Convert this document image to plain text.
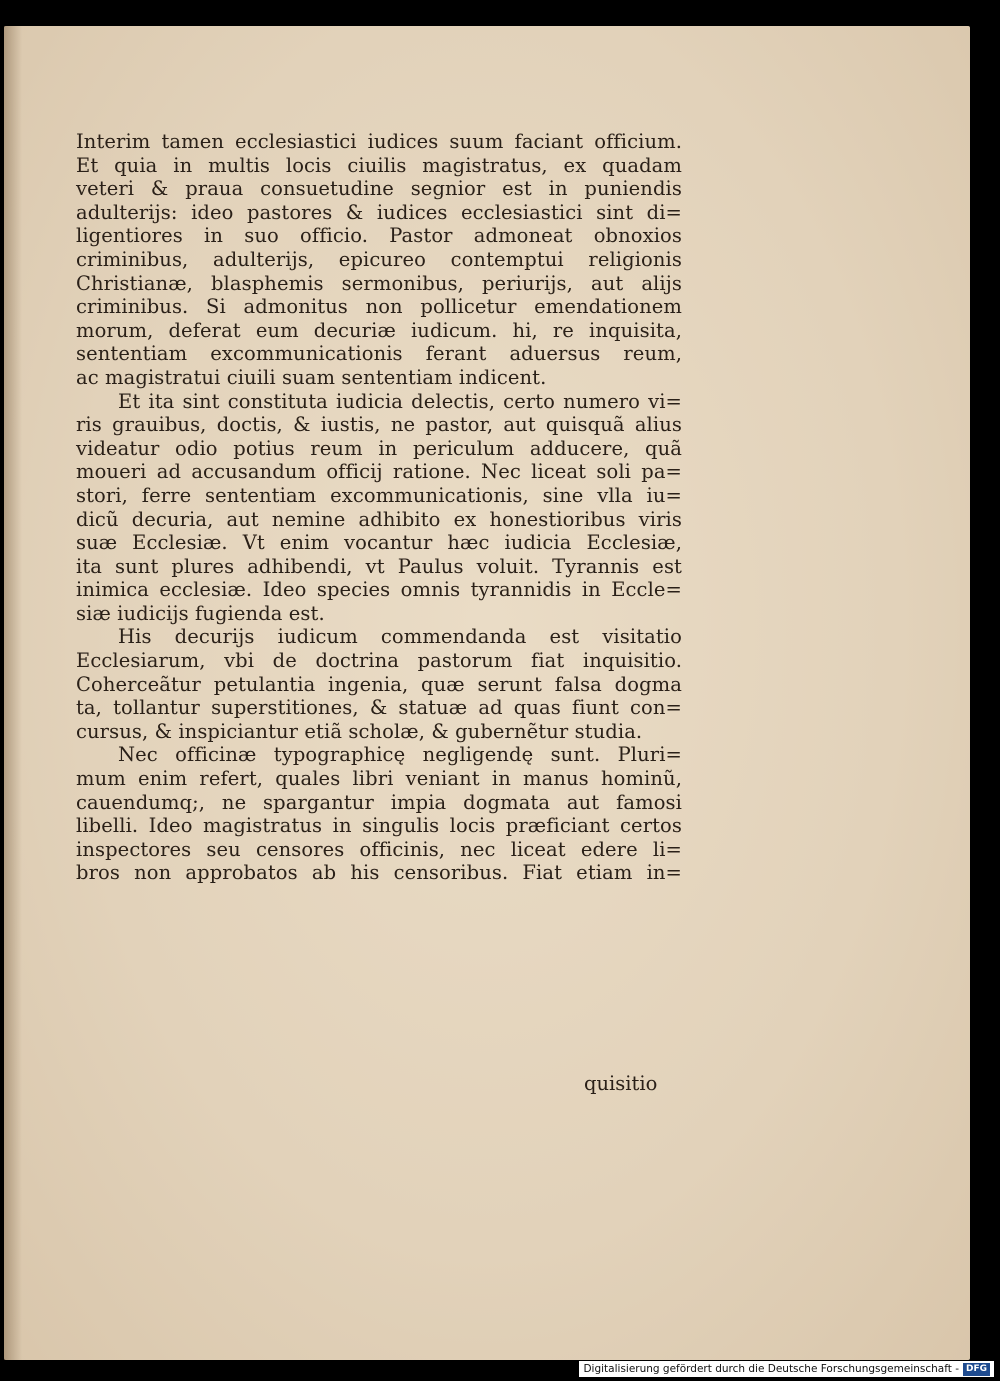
Interim tamen ecclesiastici iudices suum faciant officium.
Et quia in multis locis ciuilis magistratus, ex quadam
veteri & praua consuetudine segnior est in puniendis
adulterijs: ideo pastores & iudices ecclesiastici sint di=
ligentiores in suo officio. Pastor admoneat obnoxios
criminibus, adulterijs, epicureo contemptui religionis
Christianæ, blasphemis sermonibus, periurijs, aut alijs
criminibus. Si admonitus non pollicetur emendationem
morum, deferat eum decuriæ iudicum. hi, re inquisita,
sententiam excommunicationis ferant aduersus reum,
ac magistratui ciuili suam sententiam indicent.
Et ita sint constituta iudicia delectis, certo numero vi=
ris grauibus, doctis, & iustis, ne pastor, aut quisquã alius
videatur odio potius reum in periculum adducere, quã
moueri ad accusandum officij ratione. Nec liceat soli pa=
stori, ferre sententiam excommunicationis, sine vlla iu=
dicũ decuria, aut nemine adhibito ex honestioribus viris
suæ Ecclesiæ. Vt enim vocantur hæc iudicia Ecclesiæ,
ita sunt plures adhibendi, vt Paulus voluit. Tyrannis est
inimica ecclesiæ. Ideo species omnis tyrannidis in Eccle=
siæ iudicijs fugienda est.
His decurijs iudicum commendanda est visitatio
Ecclesiarum, vbi de doctrina pastorum fiat inquisitio.
Coherceãtur petulantia ingenia, quæ serunt falsa dogma
ta, tollantur superstitiones, & statuæ ad quas fiunt con=
cursus, & inspiciantur etiã scholæ, & gubernẽtur studia.
Nec officinæ typographicę negligendę sunt. Pluri=
mum enim refert, quales libri veniant in manus hominũ,
cauendumq;, ne spargantur impia dogmata aut famosi
libelli. Ideo magistratus in singulis locis præficiant certos
inspectores seu censores officinis, nec liceat edere li=
bros non approbatos ab his censoribus. Fiat etiam in=
quisitio
Digitalisierung gefördert durch die Deutsche Forschungsgemeinschaft - DFG
